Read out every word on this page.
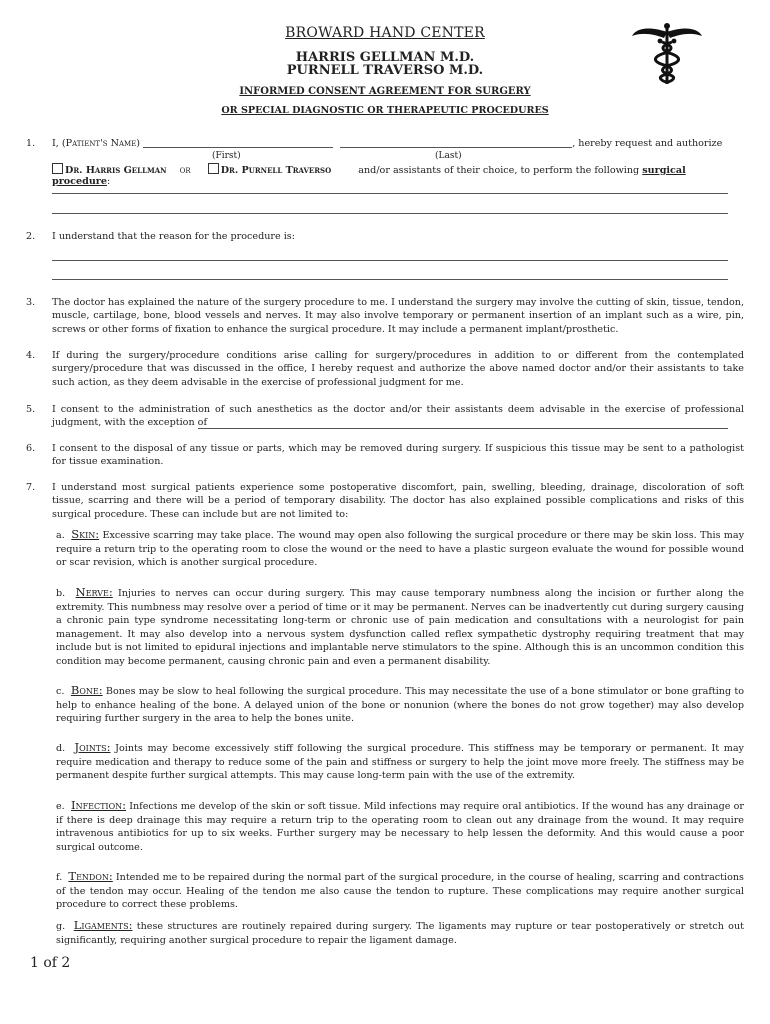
BROWARD HAND CENTER
HARRIS GELLMAN M.D.
PURNELL TRAVERSO M.D.
INFORMED CONSENT AGREEMENT FOR SURGERY
OR SPECIAL DIAGNOSTIC OR THERAPEUTIC PROCEDURES
1.	I, (Patient's Name)	, hereby request and authorize
(First)	(Last)
Dr. Harris Gellman or	Dr. Purnell Traverso	and/or assistants of their choice, to perform the following surgical procedure:
2.	I understand that the reason for the procedure is:
3.	The doctor has explained the nature of the surgery procedure to me. I understand the surgery may involve the cutting of skin, tissue, tendon, muscle, cartilage, bone, blood vessels and nerves. It may also involve temporary or permanent insertion of an implant such as a wire, pin, screws or other forms of fixation to enhance the surgical procedure. It may include a permanent implant/prosthetic.
4.	If during the surgery/procedure conditions arise calling for surgery/procedures in addition to or different from the contemplated surgery/procedure that was discussed in the office, I hereby request and authorize the above named doctor and/or their assistants to take such action, as they deem advisable in the exercise of professional judgment for me.
5.	I consent to the administration of such anesthetics as the doctor and/or their assistants deem advisable in the exercise of professional judgment, with the exception of
6.	I consent to the disposal of any tissue or parts, which may be removed during surgery. If suspicious this tissue may be sent to a pathologist for tissue examination.
7.	I understand most surgical patients experience some postoperative discomfort, pain, swelling, bleeding, drainage, discoloration of soft tissue, scarring and there will be a period of temporary disability. The doctor has also explained possible complications and risks of this surgical procedure. These can include but are not limited to:
a. Skin: Excessive scarring may take place. The wound may open also following the surgical procedure or there may be skin loss. This may require a return trip to the operating room to close the wound or the need to have a plastic surgeon evaluate the wound for possible wound or scar revision, which is another surgical procedure.
b. Nerve: Injuries to nerves can occur during surgery. This may cause temporary numbness along the incision or further along the extremity. This numbness may resolve over a period of time or it may be permanent. Nerves can be inadvertently cut during surgery causing a chronic pain type syndrome necessitating long-term or chronic use of pain medication and consultations with a neurologist for pain management. It may also develop into a nervous system dysfunction called reflex sympathetic dystrophy requiring treatment that may include but is not limited to epidural injections and implantable nerve stimulators to the spine. Although this is an uncommon condition this condition may become permanent, causing chronic pain and even a permanent disability.
c. Bone: Bones may be slow to heal following the surgical procedure. This may necessitate the use of a bone stimulator or bone grafting to help to enhance healing of the bone. A delayed union of the bone or nonunion (where the bones do not grow together) may also develop requiring further surgery in the area to help the bones unite.
d. Joints: Joints may become excessively stiff following the surgical procedure. This stiffness may be temporary or permanent. It may require medication and therapy to reduce some of the pain and stiffness or surgery to help the joint move more freely. The stiffness may be permanent despite further surgical attempts. This may cause long-term pain with the use of the extremity.
e. Infection: Infections me develop of the skin or soft tissue. Mild infections may require oral antibiotics. If the wound has any drainage or if there is deep drainage this may require a return trip to the operating room to clean out any drainage from the wound. It may require intravenous antibiotics for up to six weeks. Further surgery may be necessary to help lessen the deformity. And this would cause a poor surgical outcome.
f. Tendon: Intended me to be repaired during the normal part of the surgical procedure, in the course of healing, scarring and contractions of the tendon may occur. Healing of the tendon me also cause the tendon to rupture. These complications may require another surgical procedure to correct these problems.
g. Ligaments: these structures are routinely repaired during surgery. The ligaments may rupture or tear postoperatively or stretch out significantly, requiring another surgical procedure to repair the ligament damage.
1 of 2
